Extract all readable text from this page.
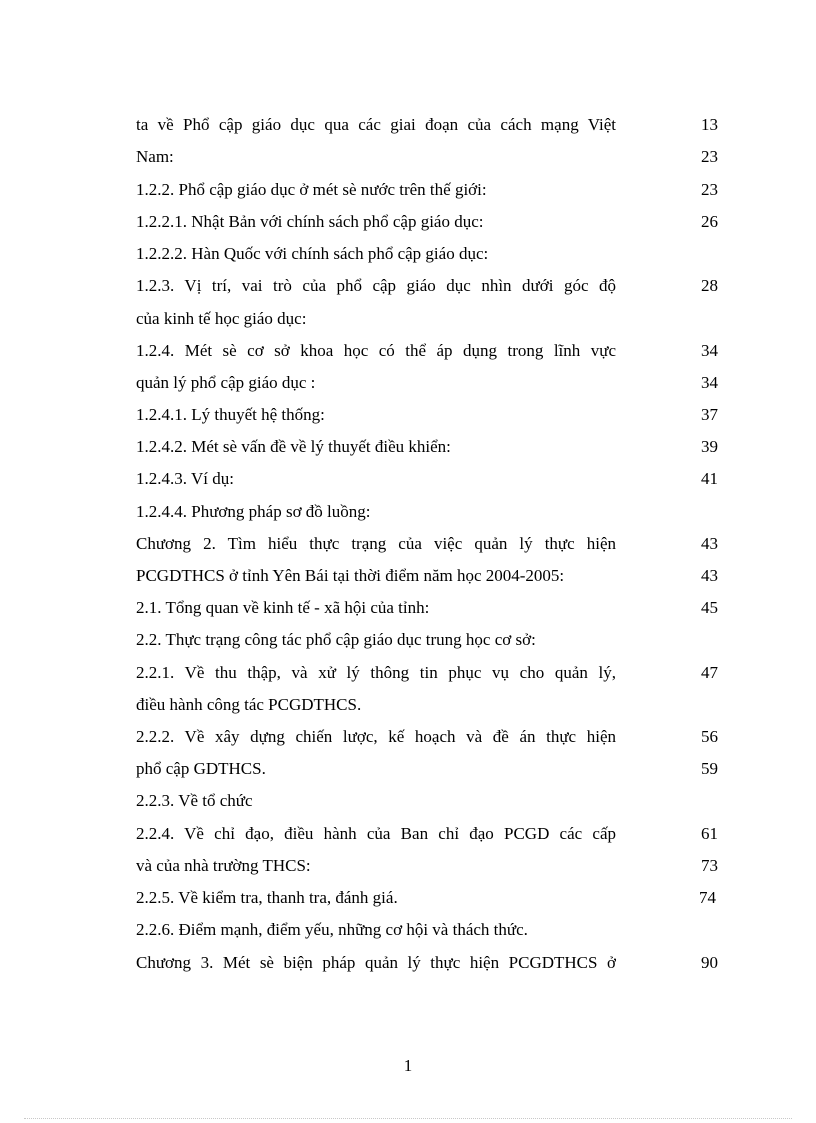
ta về Phổ cập giáo dục qua các giai đoạn của cách mạng Việt	13
Nam:	23
1.2.2. Phổ cập giáo dục ở mét sè nước trên thế giới:	23
1.2.2.1. Nhật Bản với chính sách phổ cập giáo dục:	26
1.2.2.2. Hàn Quốc với chính sách phổ cập giáo dục:
1.2.3. Vị trí, vai trò của phổ cập giáo dục nhìn dưới góc độ	28
của kinh tế học giáo dục:
1.2.4. Mét sè cơ sở khoa học có thể áp dụng trong lĩnh vực	34
quản lý phổ cập giáo dục :	34
1.2.4.1. Lý thuyết hệ thống:	37
1.2.4.2. Mét sè vấn đề về lý thuyết điều khiển:	39
1.2.4.3. Ví dụ:	41
1.2.4.4. Phương pháp sơ đồ luồng:
Chương 2. Tìm hiểu thực trạng của việc quản lý thực hiện	43
PCGDTHCS ở tỉnh Yên Bái tại thời điểm năm học 2004-2005:	43
2.1. Tổng quan về kinh tế - xã hội của tỉnh:	45
2.2. Thực trạng công tác phổ cập giáo dục trung học cơ sở:
2.2.1. Về thu thập, và xử lý thông tin phục vụ cho quản lý,	47
điều hành công tác PCGDTHCS.
2.2.2. Về xây dựng chiến lược, kế hoạch và đề án thực hiện	56
phổ cập GDTHCS.	59
2.2.3. Về tổ chức
2.2.4. Về chỉ đạo, điều hành của Ban chỉ đạo PCGD các cấp	61
và của nhà trường THCS:	73
2.2.5. Về kiểm tra, thanh tra, đánh giá.	74
2.2.6. Điểm mạnh, điểm yếu, những cơ hội và thách thức.
Chương 3. Mét sè biện pháp quản lý thực hiện PCGDTHCS ở	90
1
